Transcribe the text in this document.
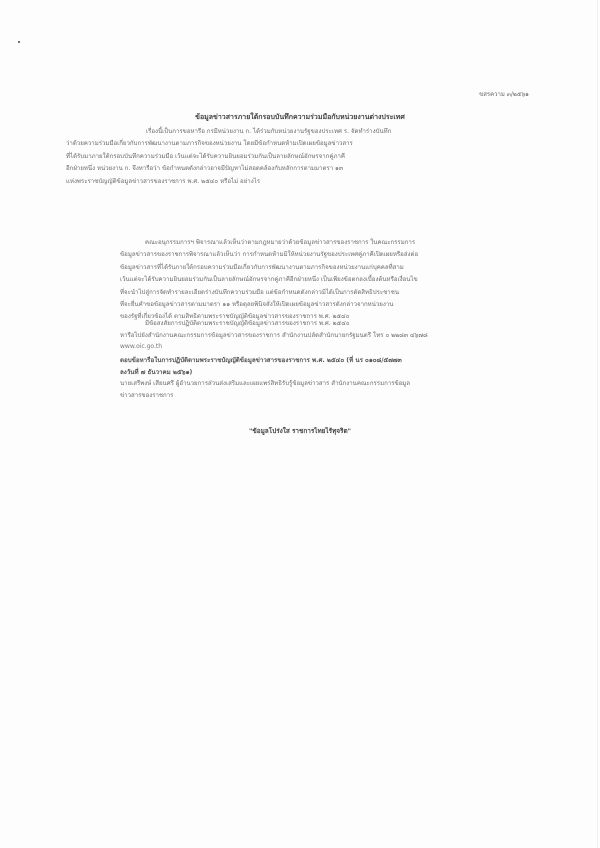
ขสรความ ๓/๒๕๖๑
ข้อมูลข่าวสารภายใต้กรอบบันทึกความร่วมมือกับหน่วยงานต่างประเทศ

เรื่องนี้เป็นการขอหารือ กรมีหน่วยงาน ก. ได้ร่วมกับหน่วยงานรัฐของประเทศ ร. จัดทำร่างบันทึก

ว่าด้วยความร่วมมือเกี่ยวกับการพัฒนางานตามภารกิจของหน่วยงาน โดยมีข้อกำหนดห้ามเปิดเผยข้อมูลข่าวสาร

ที่ได้รับมาภายใต้กรอบบันทึกความร่วมมือ เว้นแต่จะได้รับความยินยอมร่วมกันเป็นลายลักษณ์อักษรจากคู่ภาคี

อีกฝ่ายหนึ่ง หน่วยงาน ก. จึงหารือว่า ข้อกำหนดดังกล่าวอาจมีปัญหาไม่สอดคล้องกับหลักการตามมาตรา ๑๓

แห่งพระราชบัญญัติข้อมูลข่าวสารของราชการ พ.ศ. ๒๕๔๐ หรือไม่ อย่างไร

คณะอนุกรรมการฯ พิจารณาแล้วเห็นว่าตามกฎหมายว่าด้วยข้อมูลข่าวสารของราชการ ในคณะกรรมการ

ข้อมูลข่าวสารของราชการพิจารณาแล้วเห็นว่า การกำหนดห้ามมิให้หน่วยงานรัฐของประเทศคู่ภาคีเปิดเผยหรือส่งต่อ

ข้อมูลข่าวสารที่ได้รับภายใต้กรอบความร่วมมือเกี่ยวกับการพัฒนางานตามภารกิจของหน่วยงานแก่บุคคลที่สาม

เว้นแต่จะได้รับความยินยอมร่วมกันเป็นลายลักษณ์อักษรจากคู่ภาคีอีกฝ่ายหนึ่ง เป็นเพียงข้อตกลงเบื้องต้นหรือเงื่อนไข

ที่จะนำไปสู่การจัดทำรายละเอียดร่างบันทึกความร่วมมือ แต่ข้อกำหนดดังกล่าวมิได้เป็นการตัดสิทธิประชาชน

ที่จะยื่นคำขอข้อมูลข่าวสารตามมาตรา ๑๑ หรือดุลยพินิจสั่งให้เปิดเผยข้อมูลข่าวสารดังกล่าวจากหน่วยงาน

ของรัฐที่เกี่ยวข้องได้ ตามสิทธิตามพระราชบัญญัติข้อมูลข่าวสารของราชการ พ.ศ. ๒๕๔๐

มีข้อสงสัยการปฏิบัติตามพระราชบัญญัติข้อมูลข่าวสารของราชการ พ.ศ. ๒๕๔๐

หารือไปยังสำนักงานคณะกรรมการข้อมูลข่าวสารของราชการ สำนักงานปลัดสำนักนายกรัฐมนตรี โทร ๐ ๒๒๘๓ ๔๖๗๘

www.oic.go.th
ตอบข้อหารือในการปฏิบัติตามพระราชบัญญัติข้อมูลข่าวสารของราชการ พ.ศ. ๒๕๔๐ (ที่ นร ๐๑๐๘/๕๗๗๓
ลงวันที่ ๗ ธันวาคม ๒๕๖๑)

นายเสรีพงษ์ เสียนศรี ผู้อำนวยการส่วนส่งเสริมและเผยแพร่สิทธิรับรู้ข้อมูลข่าวสาร สำนักงานคณะกรรมการข้อมูล

ข่าวสารของราชการ

"ข้อมูลโปร่งใส ราชการไทยไร้ทุจริต"
